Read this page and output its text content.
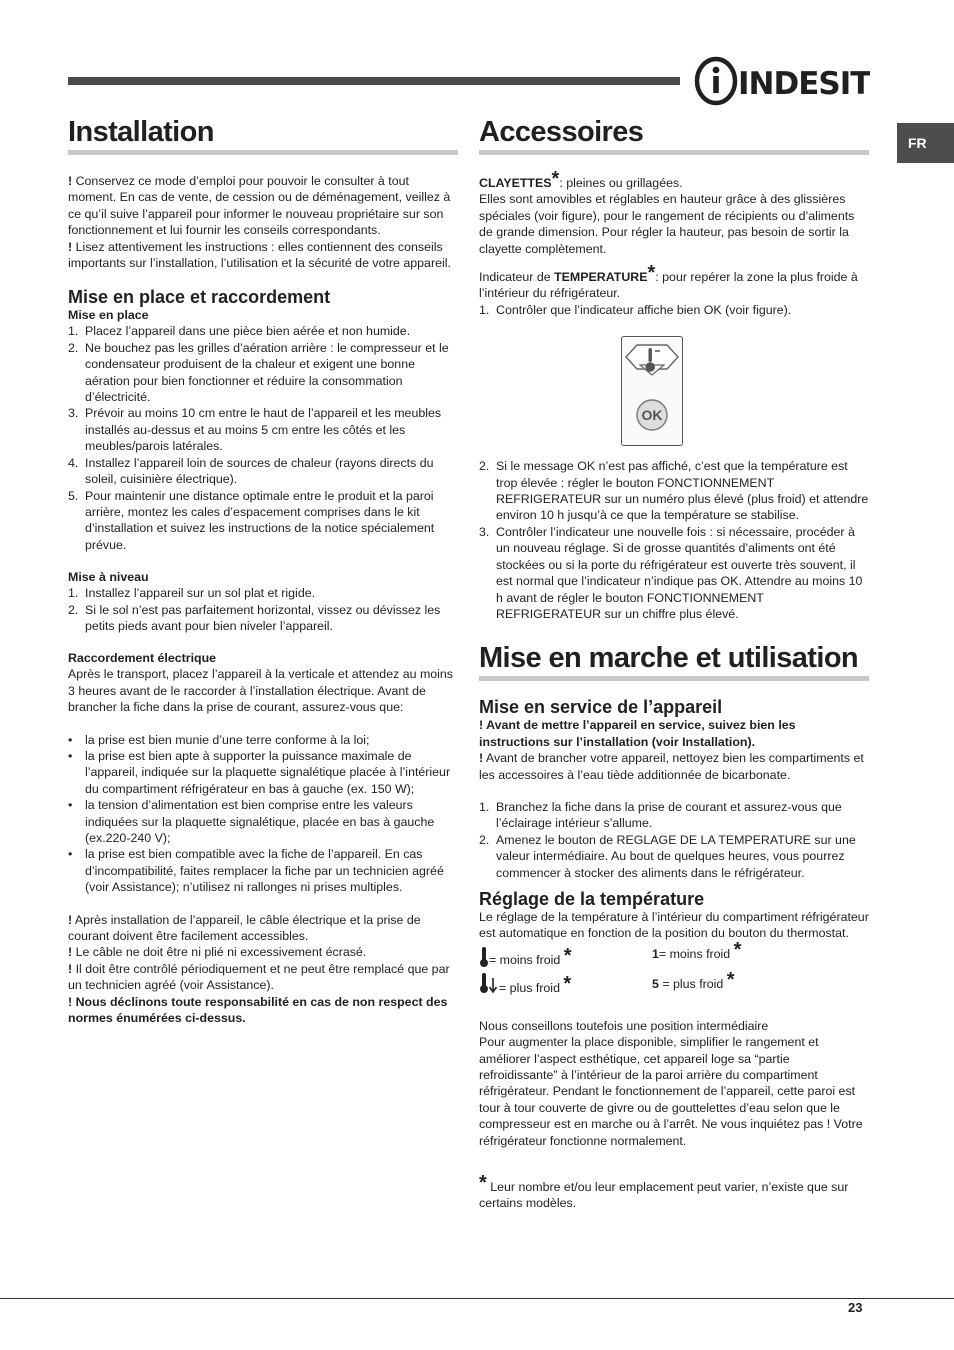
INDESIT
FR
Installation

! Conservez ce mode d’emploi pour pouvoir le consulter à tout moment. En cas de vente, de cession ou de déménagement, veillez à ce qu’il suive l’appareil pour informer le nouveau propriétaire sur son fonctionnement et lui fournir les conseils correspondants.

! Lisez attentivement les instructions : elles contiennent des conseils importants sur l’installation, l’utilisation et la sécurité de votre appareil.

Mise en place et raccordement
Mise en place
1. Placez l’appareil dans une pièce bien aérée et non humide.
2. Ne bouchez pas les grilles d’aération arrière : le compresseur et le condensateur produisent de la chaleur et exigent une bonne aération pour bien fonctionner et réduire la consommation d’électricité.
3. Prévoir au moins 10 cm entre le haut de l’appareil et les meubles installés au-dessus et au moins 5 cm entre les côtés et les meubles/parois latérales.
4. Installez l’appareil loin de sources de chaleur (rayons directs du soleil, cuisinière électrique).
5. Pour maintenir une distance optimale entre le produit et la paroi arrière, montez les cales d’espacement comprises dans le kit d’installation et suivez les instructions de la notice spécialement prévue.
Mise à niveau
1. Installez l’appareil sur un sol plat et rigide.
2. Si le sol n’est pas parfaitement horizontal, vissez ou dévissez les petits pieds avant pour bien niveler l’appareil.
Raccordement électrique

Après le transport, placez l’appareil à la verticale et attendez au moins 3 heures avant de le raccorder à l’installation électrique. Avant de brancher la fiche dans la prise de courant, assurez-vous que:

• la prise est bien munie d’une terre conforme à la loi;
• la prise est bien apte à supporter la puissance maximale de l’appareil, indiquée sur la plaquette signalétique placée à l’intérieur du compartiment réfrigérateur en bas à gauche (ex. 150 W);
• la tension d’alimentation est bien comprise entre les valeurs indiquées sur la plaquette signalétique, placée en bas à gauche (ex.220-240 V);
• la prise est bien compatible avec la fiche de l’appareil. En cas d’incompatibilité, faites remplacer la fiche par un technicien agréé (voir Assistance); n’utilisez ni rallonges ni prises multiples.

! Après installation de l’appareil, le câble électrique et la prise de courant doivent être facilement accessibles.

! Le câble ne doit être ni plié ni excessivement écrasé.

! Il doit être contrôlé périodiquement et ne peut être remplacé que par un technicien agréé (voir Assistance).

! Nous déclinons toute responsabilité en cas de non respect des normes énumérées ci-dessus.

Accessoires

CLAYETTES*: pleines ou grillagées.

Elles sont amovibles et réglables en hauteur grâce à des glissières spéciales (voir figure), pour le rangement de récipients ou d’aliments de grande dimension. Pour régler la hauteur, pas besoin de sortir la clayette complètement.

Indicateur de TEMPERATURE*: pour repérer la zone la plus froide à l’intérieur du réfrigérateur.

1. Contrôler que l’indicateur affiche bien OK (voir figure).
OK
2. Si le message OK n’est pas affiché, c’est que la température est trop élevée : régler le bouton FONCTIONNEMENT REFRIGERATEUR sur un numéro plus élevé (plus froid) et attendre environ 10 h jusqu’à ce que la température se stabilise.
3. Contrôler l’indicateur une nouvelle fois : si nécessaire, procéder à un nouveau réglage. Si de grosse quantités d’aliments ont été stockées ou si la porte du réfrigérateur est ouverte très souvent, il est normal que l’indicateur n’indique pas OK. Attendre au moins 10 h avant de régler le bouton FONCTIONNEMENT REFRIGERATEUR sur un chiffre plus élevé.
Mise en marche et utilisation
Mise en service de l’appareil

! Avant de mettre l’appareil en service, suivez bien les instructions sur l’installation (voir Installation).

! Avant de brancher votre appareil, nettoyez bien les compartiments et les accessoires à l’eau tiède additionnée de bicarbonate.

1. Branchez la fiche dans la prise de courant et assurez-vous que l’éclairage intérieur s’allume.
2. Amenez le bouton de REGLAGE DE LA TEMPERATURE sur une valeur intermédiaire. Au bout de quelques heures, vous pourrez commencer à stocker des aliments dans le réfrigérateur.
Réglage de la température

Le réglage de la température à l’intérieur du compartiment réfrigérateur est automatique en fonction de la position du bouton du thermostat.

= moins froid *	1= moins froid *
= plus froid *	5 = plus froid *

Nous conseillons toutefois une position intermédiaire

Pour augmenter la place disponible, simplifier le rangement et améliorer l’aspect esthétique, cet appareil loge sa “partie refroidissante” à l’intérieur de la paroi arrière du compartiment réfrigérateur. Pendant le fonctionnement de l’appareil, cette paroi est tour à tour couverte de givre ou de gouttelettes d’eau selon que le compresseur est en marche ou à l’arrêt. Ne vous inquiétez pas ! Votre réfrigérateur fonctionne normalement.

* Leur nombre et/ou leur emplacement peut varier, n’existe que sur certains modèles.

23
